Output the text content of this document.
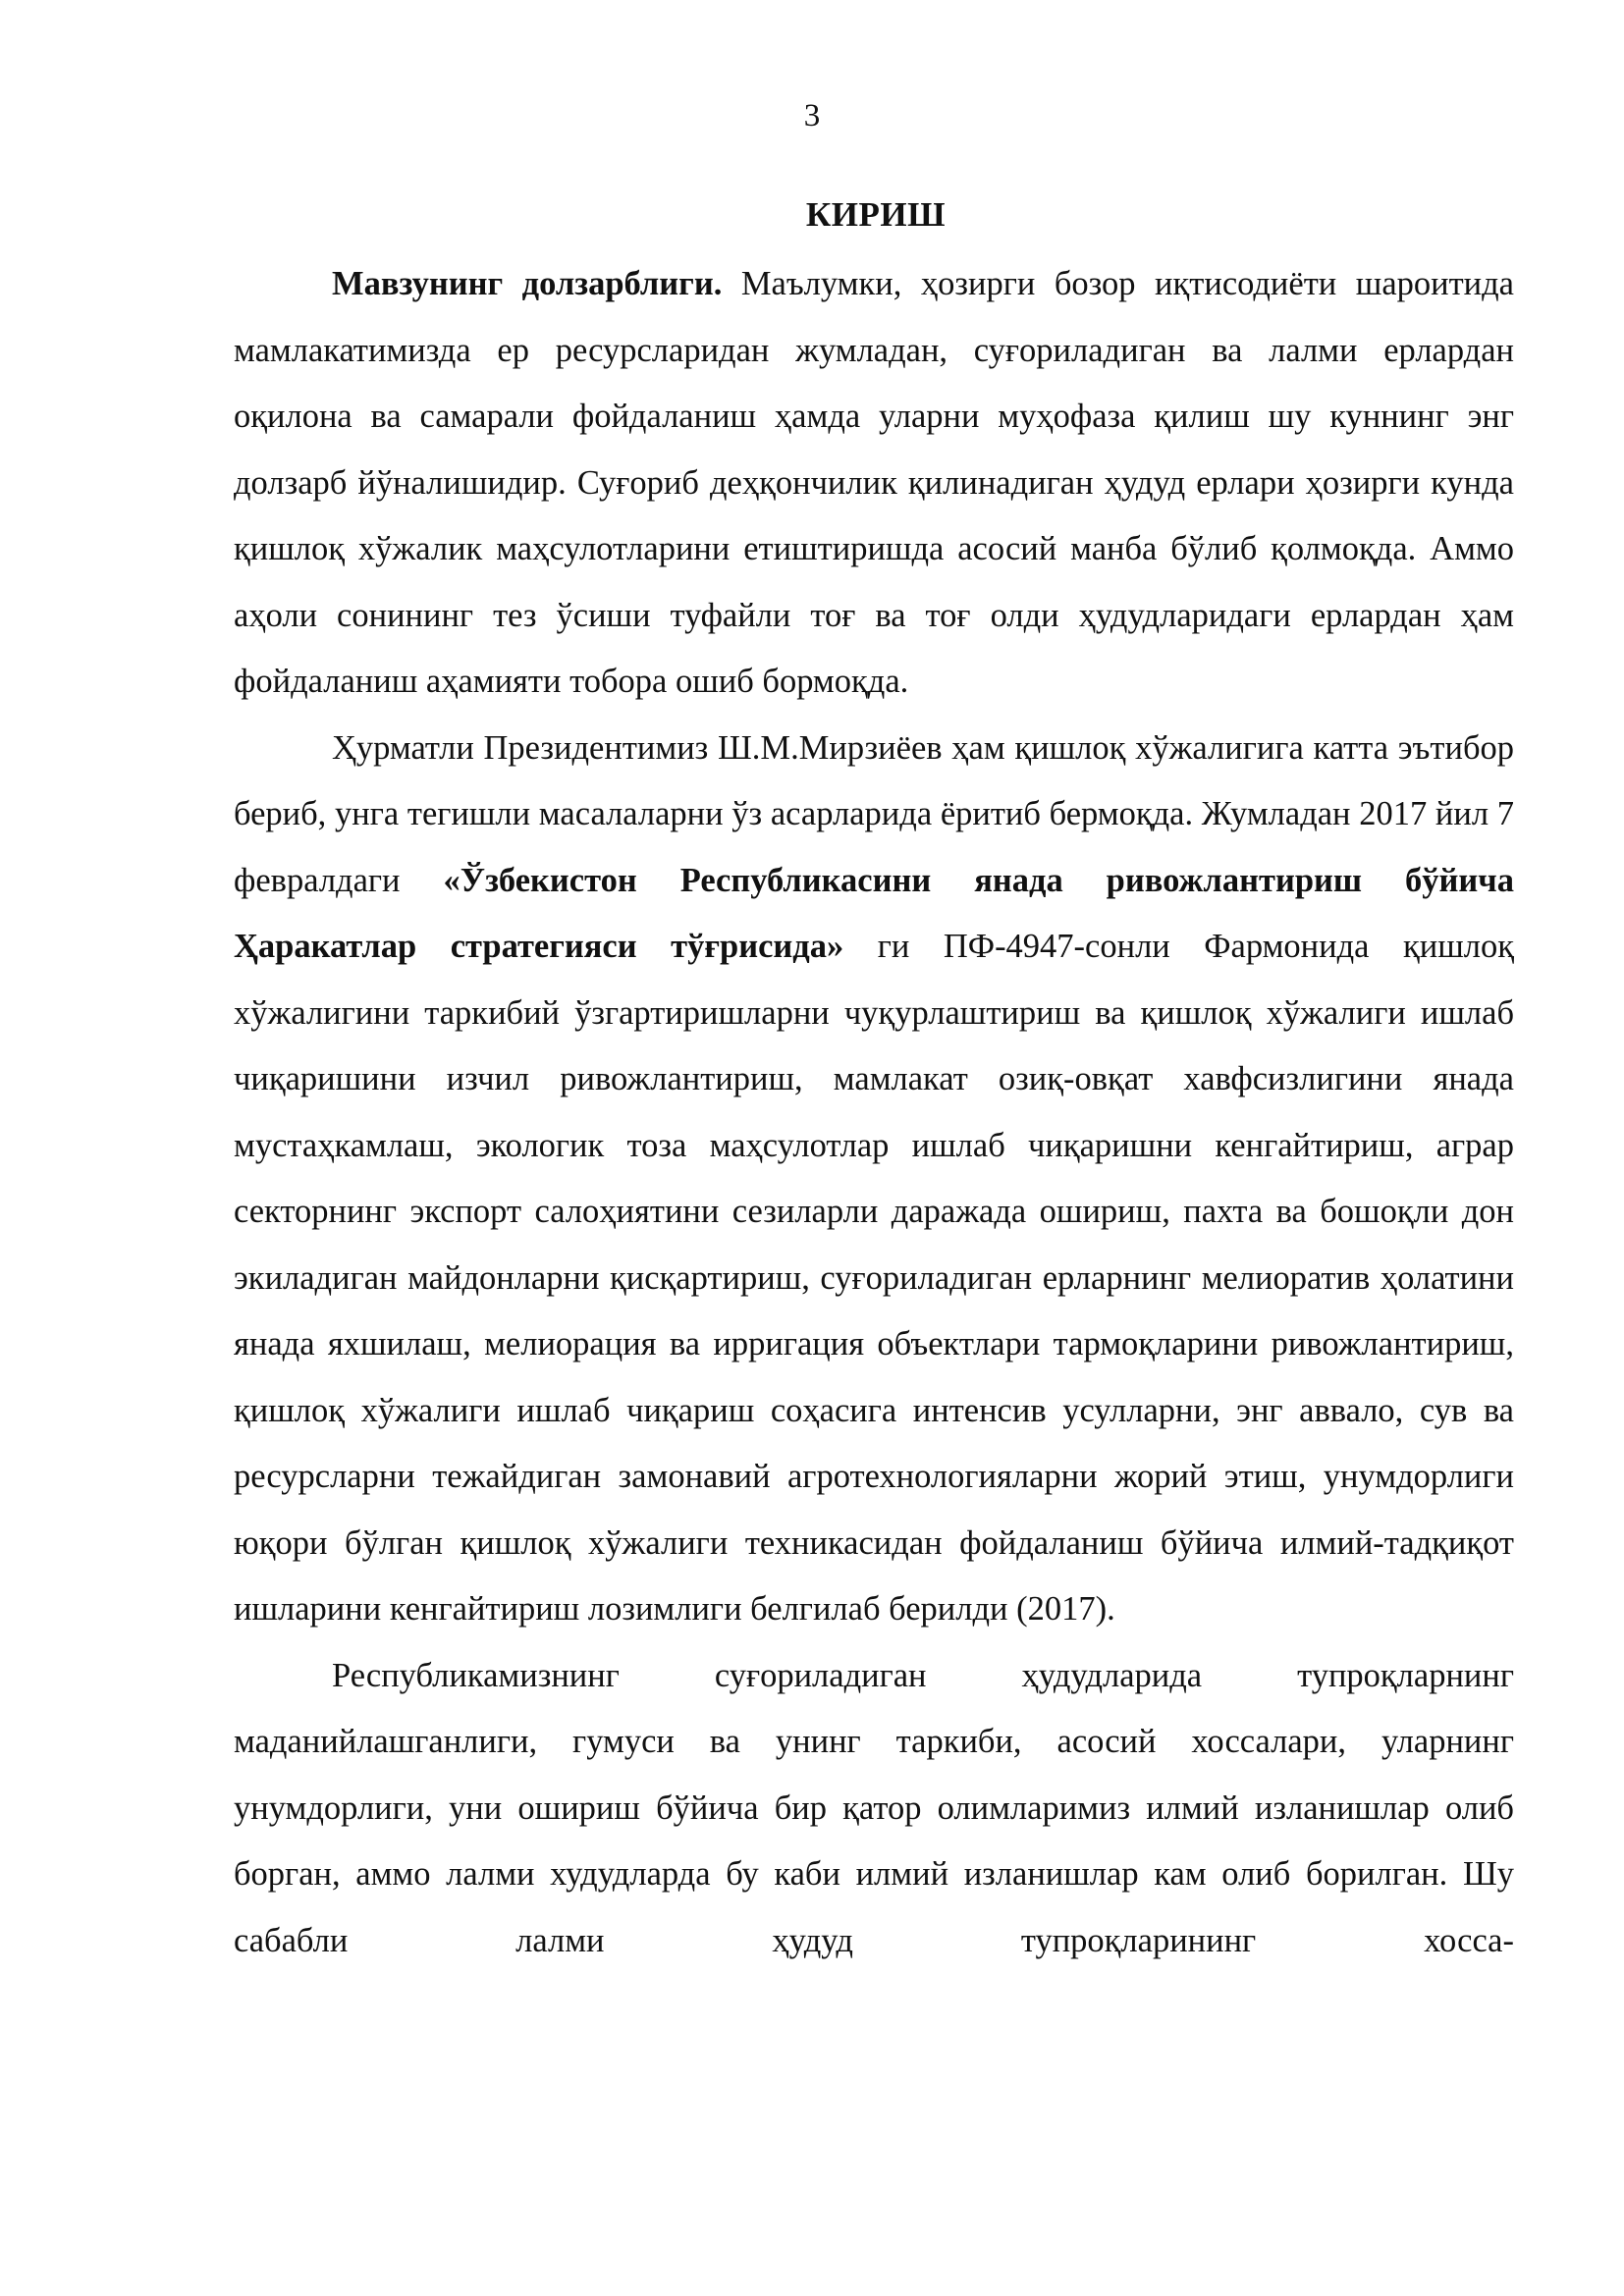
3
КИРИШ

Мавзунинг долзарблиги. Маълумки, ҳозирги бозор иқтисодиёти шароитида мамлакатимизда ер ресурсларидан жумладан, суғориладиган ва лалми ерлардан оқилона ва самарали фойдаланиш ҳамда уларни муҳофаза қилиш шу куннинг энг долзарб йўналишидир. Суғориб деҳқончилик қилинадиган ҳудуд ерлари ҳозирги кунда қишлоқ хўжалик маҳсулотларини етиштиришда асосий манба бўлиб қолмоқда. Аммо аҳоли сонининг тез ўсиши туфайли тоғ ва тоғ олди ҳудудларидаги ерлардан ҳам фойдаланиш аҳамияти тобора ошиб бормоқда.

Ҳурматли Президентимиз Ш.М.Мирзиёев ҳам қишлоқ хўжалигига катта эътибор бериб, унга тегишли масалаларни ўз асарларида ёритиб бермоқда. Жумладан 2017 йил 7 февралдаги «Ўзбекистон Республикасини янада ривожлантириш бўйича Ҳаракатлар стратегияси тўғрисида» ги ПФ-4947-сонли Фармонида қишлоқ хўжалигини таркибий ўзгартиришларни чуқурлаштириш ва қишлоқ хўжалиги ишлаб чиқаришини изчил ривожлантириш, мамлакат озиқ-овқат хавфсизлигини янада мустаҳкамлаш, экологик тоза маҳсулотлар ишлаб чиқаришни кенгайтириш, аграр секторнинг экспорт салоҳиятини сезиларли даражада ошириш, пахта ва бошоқли дон экиладиган майдонларни қисқартириш, суғориладиган ерларнинг мелиоратив ҳолатини янада яхшилаш, мелиорация ва ирригация объектлари тармоқларини ривожлантириш, қишлоқ хўжалиги ишлаб чиқариш соҳасига интенсив усулларни, энг аввало, сув ва ресурсларни тежайдиган замонавий агротехнологияларни жорий этиш, унумдорлиги юқори бўлган қишлоқ хўжалиги техникасидан фойдаланиш бўйича илмий-тадқиқот ишларини кенгайтириш лозимлиги белгилаб берилди (2017).

Республикамизнинг суғориладиган ҳудудларида тупроқларнинг маданийлашганлиги, гумуси ва унинг таркиби, асосий хоссалари, уларнинг унумдорлиги, уни ошириш бўйича бир қатор олимларимиз илмий изланишлар олиб борган, аммо лалми худудларда бу каби илмий изланишлар кам олиб борилган. Шу сабабли лалми ҳудуд тупроқларининг хосса-
